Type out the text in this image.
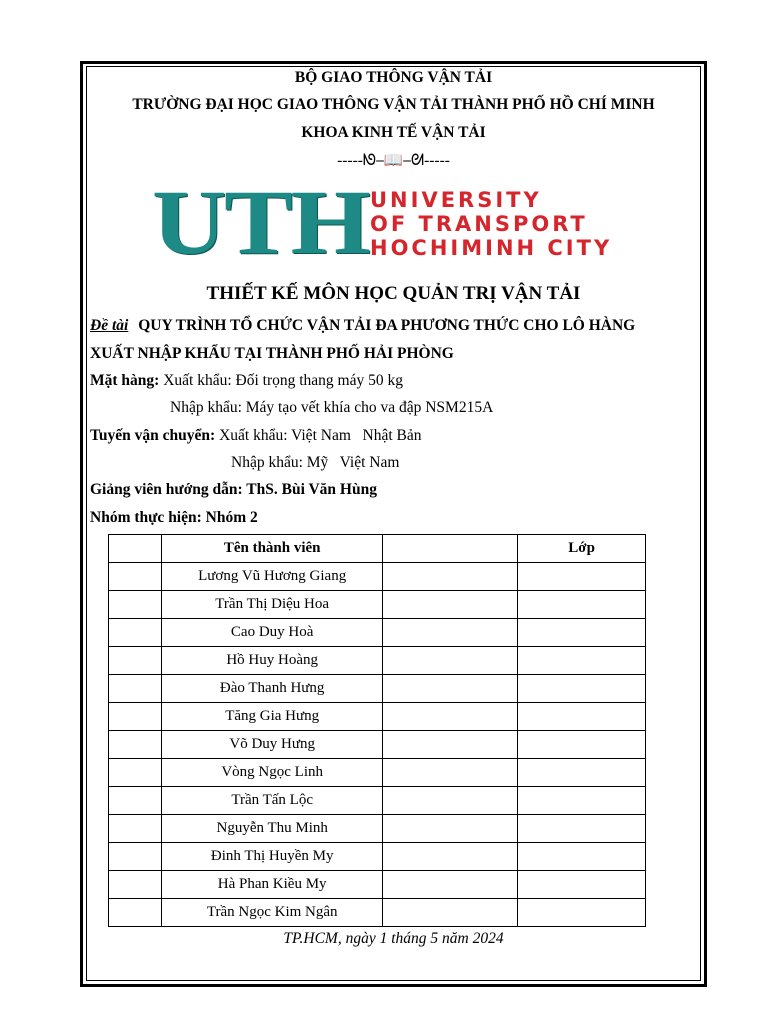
BỘ GIAO THÔNG VẬN TẢI
TRƯỜNG ĐẠI HỌC GIAO THÔNG VẬN TẢI THÀNH PHỐ HỒ CHÍ MINH
KHOA KINH TẾ VẬN TẢI
-----ᘚ⎯📖⎯ᘛ-----
UTH UNIVERSITY
OF TRANSPORT
HOCHIMINH CITY
THIẾT KẾ MÔN HỌC QUẢN TRỊ VẬN TẢI
Đề tài QUY TRÌNH TỔ CHỨC VẬN TẢI ĐA PHƯƠNG THỨC CHO LÔ HÀNG
XUẤT NHẬP KHẨU TẠI THÀNH PHỐ HẢI PHÒNG
Mặt hàng: Xuất khẩu: Đối trọng thang máy 50 kg
Nhập khẩu: Máy tạo vết khía cho va đập NSM215A
Tuyến vận chuyển: Xuất khẩu: Việt Nam   Nhật Bản
Nhập khẩu: Mỹ   Việt Nam
Giảng viên hướng dẫn: ThS. Bùi Văn Hùng
Nhóm thực hiện: Nhóm 2
	Tên thành viên		Lớp
	Lương Vũ Hương Giang		
	Trần Thị Diệu Hoa		
	Cao Duy Hoà		
	Hồ Huy Hoàng		
	Đào Thanh Hưng		
	Tăng Gia Hưng		
	Võ Duy Hưng		
	Vòng Ngọc Linh		
	Trần Tấn Lộc		
	Nguyễn Thu Minh		
	Đinh Thị Huyền My		
	Hà Phan Kiều My		
	Trần Ngọc Kim Ngân		
TP.HCM, ngày 1 tháng 5 năm 2024
